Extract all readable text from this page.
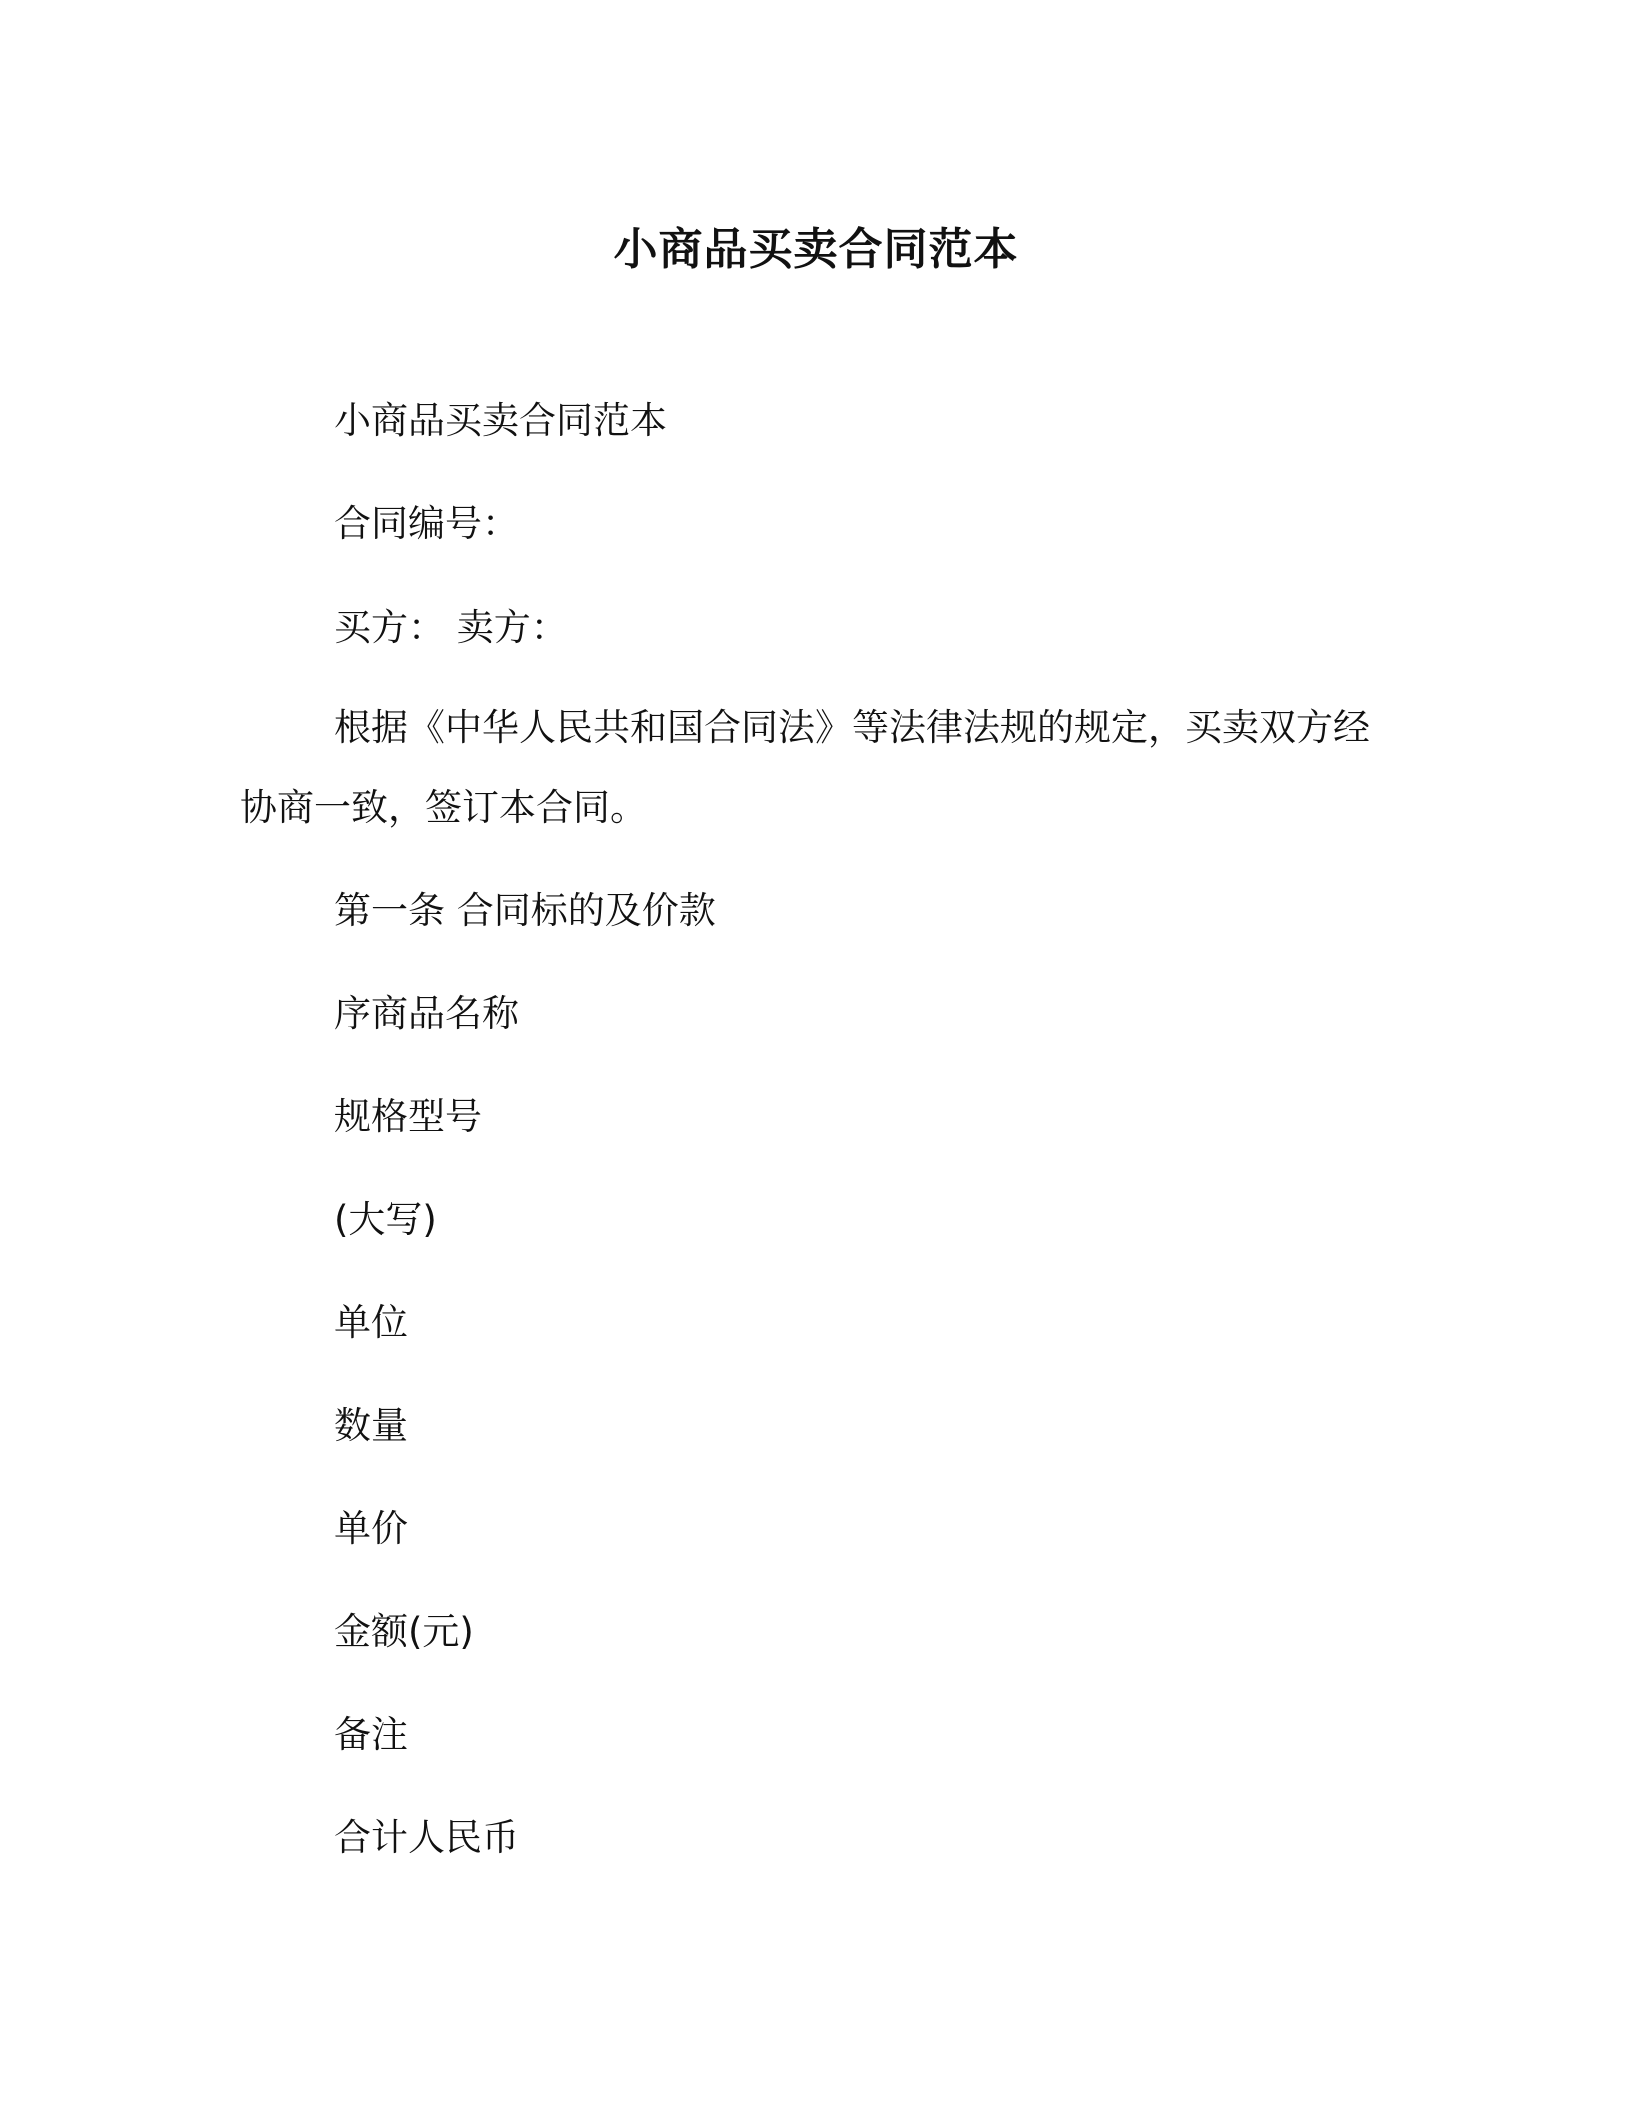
小商品买卖合同范本

小商品买卖合同范本

合同编号：

买方： 卖方：

根据《中华人民共和国合同法》等法律法规的规定，买卖双方经协商一致，签订本合同。

第一条 合同标的及价款

序商品名称

规格型号

(大写)

单位

数量

单价

金额(元)

备注

合计人民币
